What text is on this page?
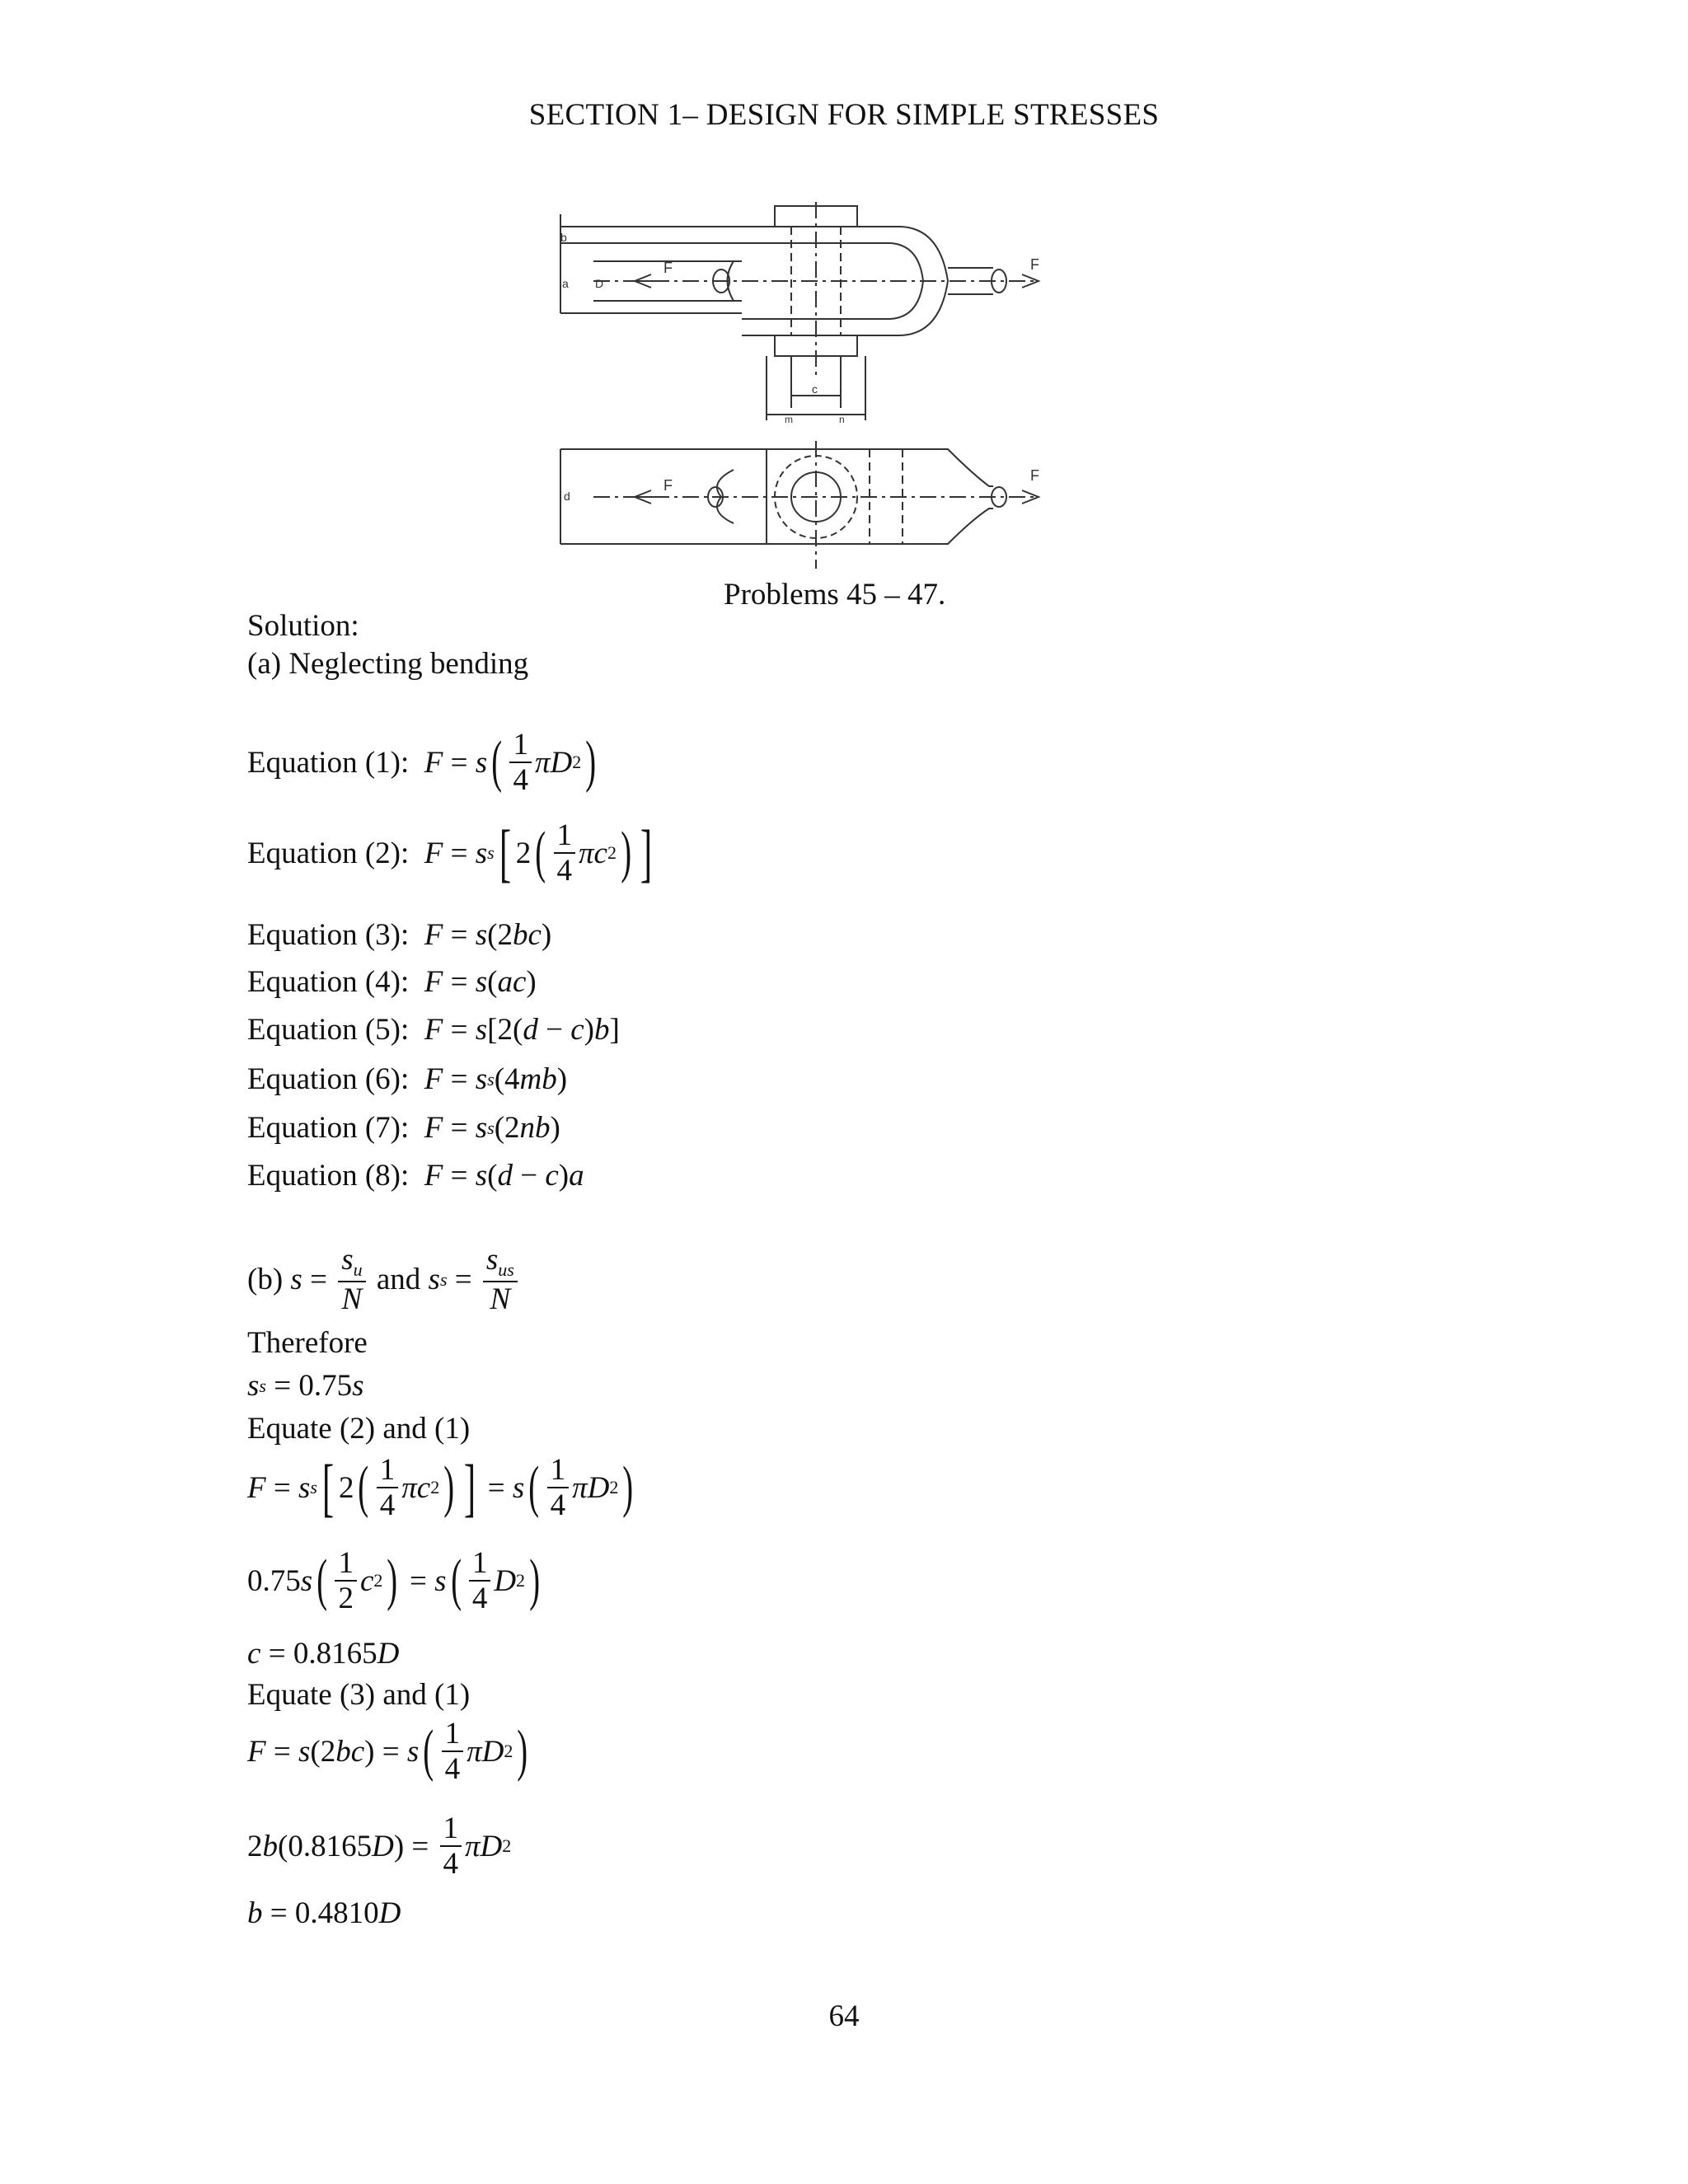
SECTION 1– DESIGN FOR SIMPLE STRESSES
b
a D
F	F
c
m	n
d
F
F
Problems 45 – 47.
Solution:
(a) Neglecting bending
Equation (1):
F = s ( $\frac{1}{4}$ πD 2 )
Equation (2):
F = s s [ 2 ( $\frac{1}{4}$ πc 2 ) ]
Equation (3):
F = s (2 bc )
Equation (4):
F = s ( ac )
Equation (5):
F = s [2( d − c ) b ]
Equation (6):
F = s s (4 mb )
Equation (7):
F = s s (2 nb )
Equation (8):
F = s ( d − c ) a
(b)
$s = \frac{s_u}{N}$
and
s $s = \frac{s_{us}}{N}$
Therefore
s s = 0.75 s
Equate (2) and (1)
F = s s [ 2 ( $\frac{1}{4}$ πc 2 ) ] = s ( $\frac{1}{4}$ πD 2 )
0.75 s ( $\frac{1}{2}$ c 2 ) = s ( $\frac{1}{4}$ D 2 )
c = 0.8165 D
Equate (3) and (1)
F = s (2 bc ) = s ( $\frac{1}{4}$ πD 2 )
2 b ( 0.8165 D ) = $\frac{1}{4}$ πD 2
b = 0.4810 D
64
